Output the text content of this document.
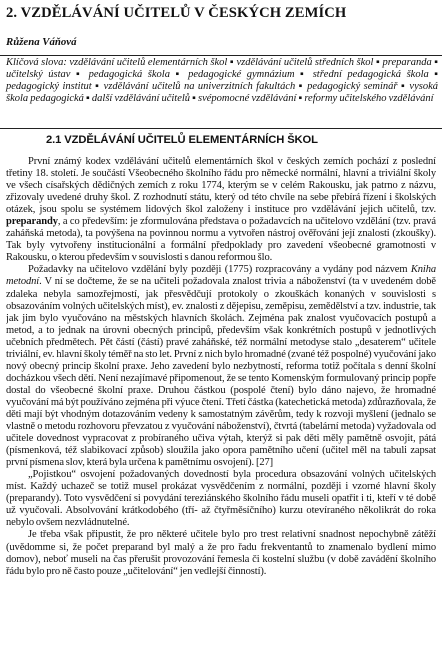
2. VZDĚLÁVÁNÍ UČITELŮ V ČESKÝCH ZEMÍCH
Růžena Váňová
Klíčová slova: vzdělávání učitelů elementárních škol ▪ vzdělávání učitelů středních škol ▪ preparanda ▪ učitelský ústav ▪ pedagogická škola ▪ pedagogické gymnázium ▪ střední pedagogická škola ▪ pedagogický institut ▪ vzdělávání učitelů na univerzitních fakultách ▪ pedagogický seminář ▪ vysoká škola pedagogická ▪ další vzdělávání učitelů ▪ svépomocné vzdělávání ▪ reformy učitelského vzdělávání
2.1 VZDĚLÁVÁNÍ UČITELŮ ELEMENTÁRNÍCH ŠKOL

První známý kodex vzdělávání učitelů elementárních škol v českých zemích pochází z poslední třetiny 18. století. Je součástí Všeobecného školního řádu pro německé normální, hlavní a triviální školy ve všech císařských dědičných zemích z roku 1774, kterým se v celém Rakousku, jak patrno z názvu, zřizovaly uvedené druhy škol. Z rozhodnutí státu, který od této chvíle na sebe přebírá řízení i školských otázek, jsou spolu se systémem lidových škol založeny i instituce pro vzdělávání jejich učitelů, tzv. preparandy, a co především: je zformulována představa o požadavcích na učitelovo vzdělání (tzv. pravá zaháňská metoda), ta povýšena na povinnou normu a vytvořen nástroj ověřování její znalosti (zkoušky). Tak byly vytvořeny institucionální a formální předpoklady pro zavedení všeobecné gramotnosti v Rakousku, o kterou především v souvislosti s danou reformou šlo.

Požadavky na učitelovo vzdělání byly později (1775) rozpracovány a vydány pod názvem Kniha metodní. V ní se dočteme, že se na učiteli požadovala znalost trivia a náboženství (ta v uvedeném době zdaleka nebyla samozřejmostí, jak přesvědčují protokoly o zkouškách konaných v souvislosti s obsazováním volných učitelských míst), ev. znalosti z dějepisu, zeměpisu, zemědělství a tzv. industrie, tak jak jim bylo vyučováno na městských hlavních školách. Zejména pak znalost vyučovacích postupů a metod, a to jednak na úrovni obecných principů, především však konkrétních postupů v jednotlivých učebních předmětech. Pět částí (částí) pravé zaháňské, též normální metodyse stalo „desaterem“ učitele triviální, ev. hlavní školy téměř na sto let. První z nich bylo hromadné (zvané též pospolné) vyučování jako nový obecný princip školní praxe. Jeho zavedení bylo nezbytností, reforma totiž počítala s denní školní docházkou všech dětí. Není nezajímavé připomenout, že se tento Komenským formulovaný princip popře dostal do všeobecné školní praxe. Druhou částkou (pospolé čtení) bylo dáno najevo, že hromadné vyučování má být používáno zejména při výuce čtení. Třetí částka (katechetická metoda) zdůrazňovala, že děti mají být vhodným dotazováním vedeny k samostatným závěrům, tedy k rozvoji myšlení (jednalo se vlastně o metodu rozhovoru převzatou z vyučování náboženství), čtvrtá (tabelární metoda) vyžadovala od učitele dovednost vypracovat z probíraného učiva výtah, kterýž si pak děti měly pamětně osvojit, pátá (písmenková, též slabikovací způsob) sloužila jako opora pamětního učení (učitel měl na tabuli zapsat první písmena slov, která byla určena k pamětnímu osvojení). [27]

„Pojistkou“ osvojení požadovaných dovedností byla procedura obsazování volných učitelských míst. Každý uchazeč se totiž musel prokázat vysvědčením z normální, později i vzorné hlavní školy (preparandy). Toto vysvědčení si povydání tereziánského školního řádu museli opatřit i ti, kteří v té době už vyučovali. Absolvování krátkodobého (tří- až čtyřměsíčního) kurzu otevíraného několikrát do roka nebylo ovšem nezvládnutelné.

Je třeba však připustit, že pro některé učitele bylo pro trest relativní snadnost nepochybně zátěží (uvědomme si, že počet preparand byl malý a že pro řadu frekventantů to znamenalo bydlení mimo domov), neboť museli na čas přerušit provozování řemesla či kostelní službu (v době zavádění školního řádu bylo pro ně často pouze „učitelování“ jen vedlejší činností).
